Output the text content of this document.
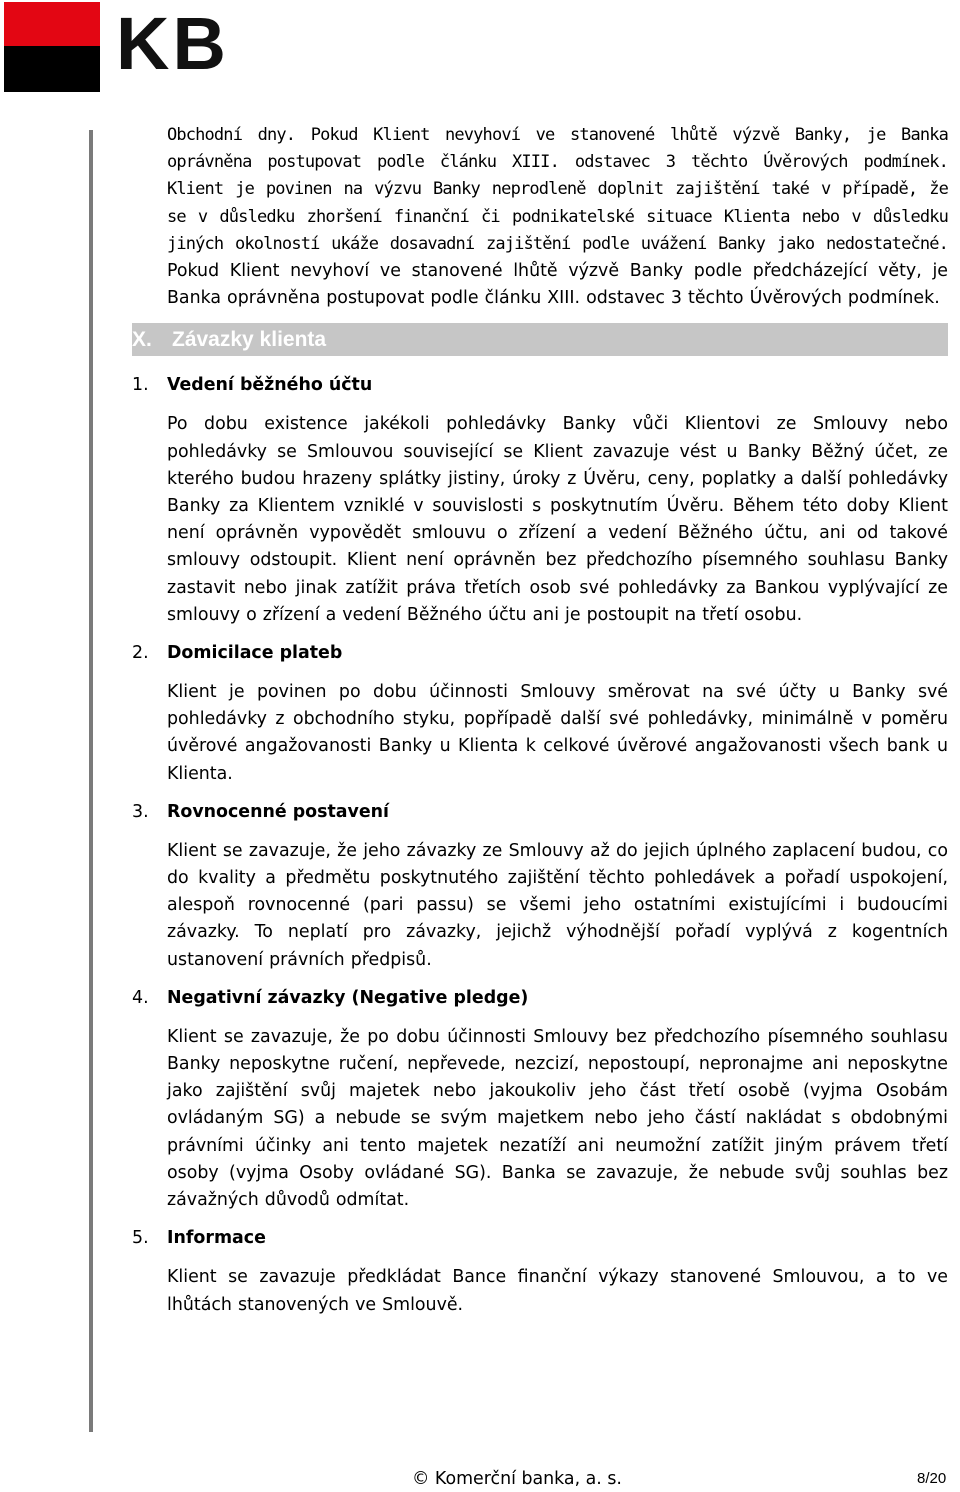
KB

Obchodní dny. Pokud Klient nevyhoví ve stanovené lhůtě výzvě Banky, je Banka oprávněna postupovat podle článku XIII. odstavec 3 těchto Úvěrových podmínek. Klient je povinen na výzvu Banky neprodleně doplnit zajištění také v případě, že se v důsledku zhoršení finanční či podnikatelské situace Klienta nebo v důsledku jiných okolností ukáže dosavadní zajištění podle uvážení Banky jako nedostatečné. Pokud Klient nevyhoví ve stanovené lhůtě výzvě Banky podle předcházející věty, je Banka oprávněna postupovat podle článku XIII. odstavec 3 těchto Úvěrových podmínek.

X. Závazky klienta
1.	Vedení běžného účtu

Po dobu existence jakékoli pohledávky Banky vůči Klientovi ze Smlouvy nebo pohledávky se Smlouvou související se Klient zavazuje vést u Banky Běžný účet, ze kterého budou hrazeny splátky jistiny, úroky z Úvěru, ceny, poplatky a další pohledávky Banky za Klientem vzniklé v souvislosti s poskytnutím Úvěru. Během této doby Klient není oprávněn vypovědět smlouvu o zřízení a vedení Běžného účtu, ani od takové smlouvy odstoupit. Klient není oprávněn bez předchozího písemného souhlasu Banky zastavit nebo jinak zatížit práva třetích osob své pohledávky za Bankou vyplývající ze smlouvy o zřízení a vedení Běžného účtu ani je postoupit na třetí osobu.

2.	Domicilace plateb

Klient je povinen po dobu účinnosti Smlouvy směrovat na své účty u Banky své pohledávky z obchodního styku, popřípadě další své pohledávky, minimálně v poměru úvěrové angažovanosti Banky u Klienta k celkové úvěrové angažovanosti všech bank u Klienta.

3.	Rovnocenné postavení

Klient se zavazuje, že jeho závazky ze Smlouvy až do jejich úplného zaplacení budou, co do kvality a předmětu poskytnutého zajištění těchto pohledávek a pořadí uspokojení, alespoň rovnocenné (pari passu) se všemi jeho ostatními existujícími i budoucími závazky. To neplatí pro závazky, jejichž výhodnější pořadí vyplývá z kogentních ustanovení právních předpisů.

4.	Negativní závazky (Negative pledge)

Klient se zavazuje, že po dobu účinnosti Smlouvy bez předchozího písemného souhlasu Banky neposkytne ručení, nepřevede, nezcizí, nepostoupí, nepronajme ani neposkytne jako zajištění svůj majetek nebo jakoukoliv jeho část třetí osobě (vyjma Osobám ovládaným SG) a nebude se svým majetkem nebo jeho částí nakládat s obdobnými právními účinky ani tento majetek nezatíží ani neumožní zatížit jiným právem třetí osoby (vyjma Osoby ovládané SG). Banka se zavazuje, že nebude svůj souhlas bez závažných důvodů odmítat.

5.	Informace

Klient se zavazuje předkládat Bance finanční výkazy stanovené Smlouvou, a to ve lhůtách stanovených ve Smlouvě.

© Komerční banka, a. s.	8/20
